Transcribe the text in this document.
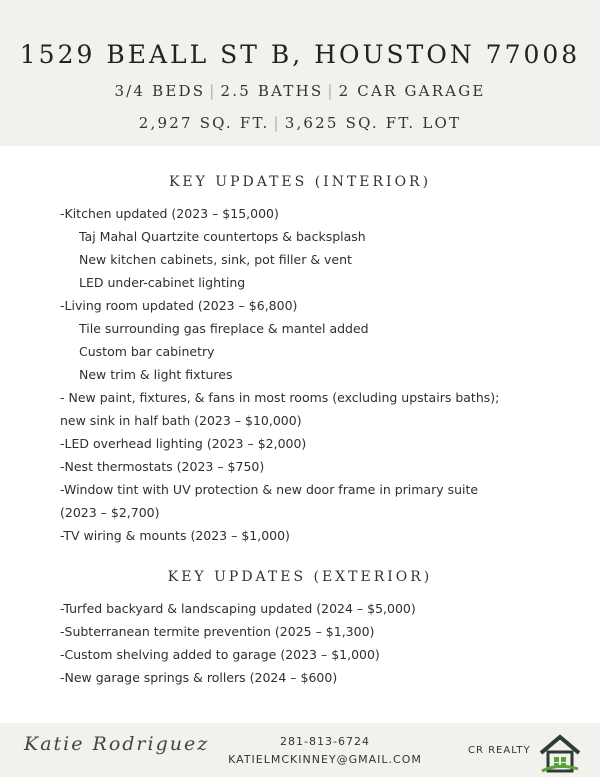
1529 BEALL ST B, HOUSTON 77008
3/4 BEDS | 2.5 BATHS | 2 CAR GARAGE
2,927 SQ. FT. | 3,625 SQ. FT. LOT
KEY UPDATES (INTERIOR)
-Kitchen updated (2023 – $15,000)
Taj Mahal Quartzite countertops & backsplash
New kitchen cabinets, sink, pot filler & vent
LED under-cabinet lighting
-Living room updated (2023 – $6,800)
Tile surrounding gas fireplace & mantel added
Custom bar cabinetry
New trim & light fixtures
- New paint, fixtures, & fans in most rooms (excluding upstairs baths);
new sink in half bath (2023 – $10,000)
-LED overhead lighting (2023 – $2,000)
-Nest thermostats (2023 – $750)
-Window tint with UV protection & new door frame in primary suite
(2023 – $2,700)
-TV wiring & mounts (2023 – $1,000)
KEY UPDATES (EXTERIOR)
-Turfed backyard & landscaping updated (2024 – $5,000)
-Subterranean termite prevention (2025 – $1,300)
-Custom shelving added to garage (2023 – $1,000)
-New garage springs & rollers (2024 – $600)
Katie Rodriguez	281-813-6724
KATIELMCKINNEY@GMAIL.COM
CR REALTY
